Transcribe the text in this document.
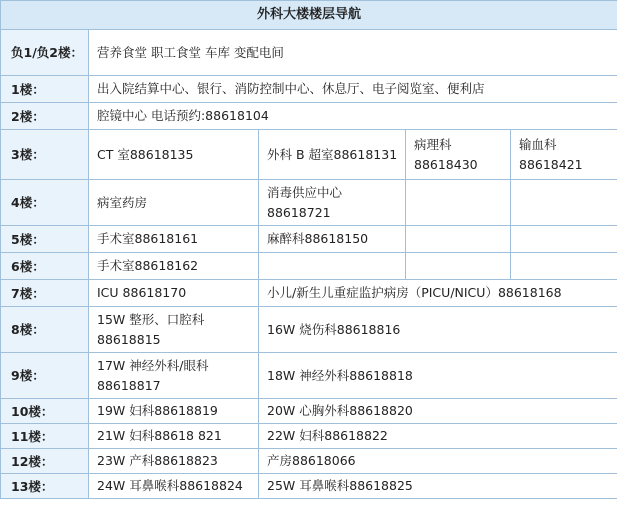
外科大楼楼层导航				
负1/负2楼：	营养食堂 职工食堂 车库 变配电间			
1楼：	出入院结算中心、银行、消防控制中心、休息厅、电子阅览室、便利店			
2楼：	腔镜中心 电话预约:88618104			
3楼：	CT 室88618135	外科 B 超室88618131	病理科 88618430	输血科 88618421
4楼：	病室药房	消毒供应中心 88618721		
5楼：	手术室88618161	麻醉科88618150		
6楼：	手术室88618162			
7楼：	ICU 88618170	小儿/新生儿重症监护病房（PICU/NICU）88618168		
8楼：	15W 整形、口腔科 88618815	16W 烧伤科88618816		
9楼：	17W 神经外科/眼科 88618817	18W 神经外科88618818		
10楼：	19W 妇科88618819	20W 心胸外科88618820		
11楼：	21W 妇科88618 821	22W 妇科88618822		
12楼：	23W 产科88618823	产房88618066		
13楼：	24W 耳鼻喉科88618824	25W 耳鼻喉科88618825		
